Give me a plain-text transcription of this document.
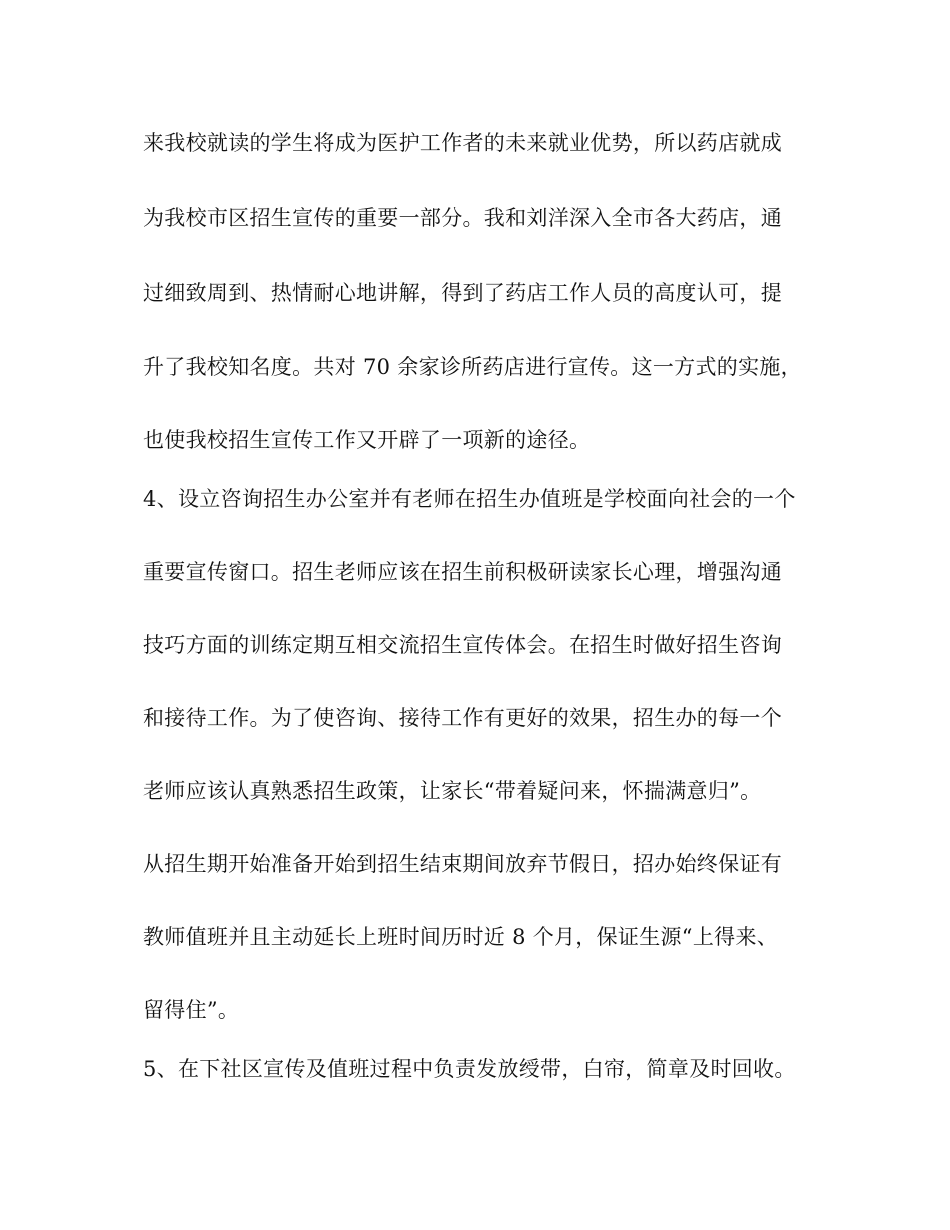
来我校就读的学生将成为医护工作者的未来就业优势，所以药店就成
为我校市区招生宣传的重要一部分。我和刘洋深入全市各大药店，通
过细致周到、热情耐心地讲解，得到了药店工作人员的高度认可，提
升了我校知名度。共对 70 余家诊所药店进行宣传。这一方式的实施，
也使我校招生宣传工作又开辟了一项新的途径。
4、设立咨询招生办公室并有老师在招生办值班是学校面向社会的一个
重要宣传窗口。招生老师应该在招生前积极研读家长心理，增强沟通
技巧方面的训练定期互相交流招生宣传体会。在招生时做好招生咨询
和接待工作。为了使咨询、接待工作有更好的效果，招生办的每一个
老师应该认真熟悉招生政策，让家长“带着疑问来，怀揣满意归”。
从招生期开始准备开始到招生结束期间放弃节假日，招办始终保证有
教师值班并且主动延长上班时间历时近 8 个月，保证生源“上得来、
留得住”。
5、在下社区宣传及值班过程中负责发放绶带，白帘，简章及时回收。
